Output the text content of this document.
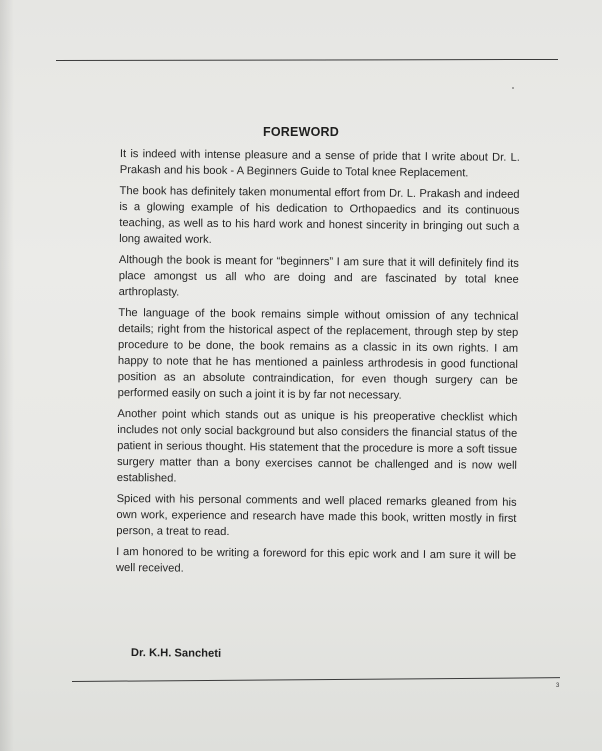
FOREWORD

It is indeed with intense pleasure and a sense of pride that I write about Dr. L. Prakash and his book - A Beginners Guide to Total knee Replacement.

The book has definitely taken monumental effort from Dr. L. Prakash and indeed is a glowing example of his dedication to Orthopaedics and its continuous teaching, as well as to his hard work and honest sincerity in bringing out such a long awaited work.

Although the book is meant for “beginners” I am sure that it will definitely find its place amongst us all who are doing and are fascinated by total knee arthroplasty.

The language of the book remains simple without omission of any technical details; right from the historical aspect of the replacement, through step by step procedure to be done, the book remains as a classic in its own rights. I am happy to note that he has mentioned a painless arthrodesis in good functional position as an absolute contraindication, for even though surgery can be performed easily on such a joint it is by far not necessary.

Another point which stands out as unique is his preoperative checklist which includes not only social background but also considers the financial status of the patient in serious thought. His statement that the procedure is more a soft tissue surgery matter than a bony exercises cannot be challenged and is now well established.

Spiced with his personal comments and well placed remarks gleaned from his own work, experience and research have made this book, written mostly in first person, a treat to read.

I am honored to be writing a foreword for this epic work and I am sure it will be well received.

Dr. K.H. Sancheti
3
